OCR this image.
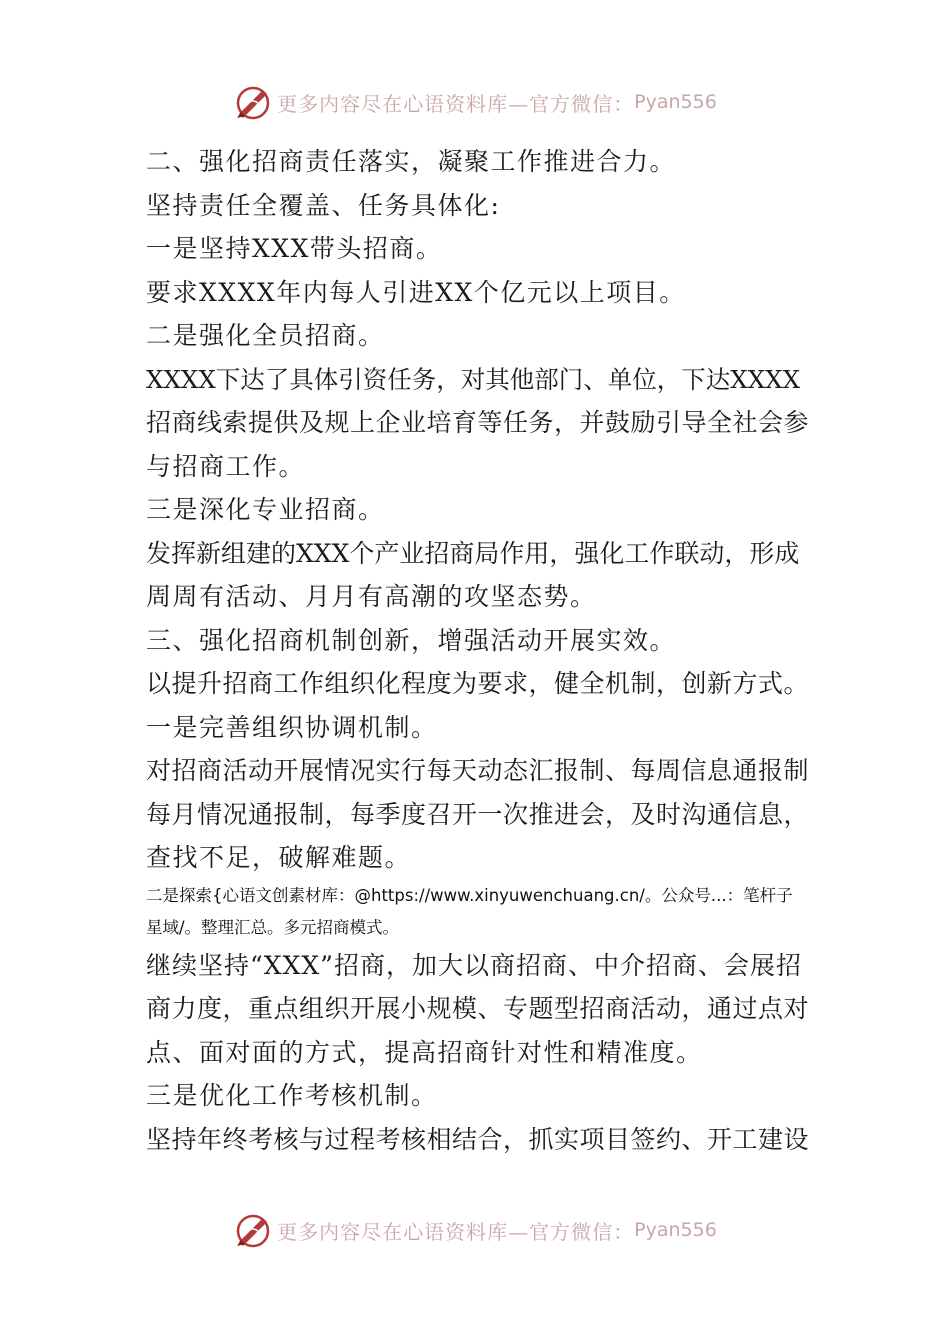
更多内容尽在心语资料库—官方微信： Pyan556
二、强化招商责任落实，凝聚工作推进合力。
坚持责任全覆盖、任务具体化:
一是坚持XXX带头招商。
要求XXXX年内每人引进XX个亿元以上项目。
二是强化全员招商。
XXXX下达了具体引资任务，对其他部门、单位，下达XXXX
招商线索提供及规上企业培育等任务，并鼓励引导全社会参
与招商工作。
三是深化专业招商。
发挥新组建的XXX个产业招商局作用，强化工作联动，形成
周周有活动、月月有高潮的攻坚态势。
三、强化招商机制创新，增强活动开展实效。
以提升招商工作组织化程度为要求，健全机制，创新方式。
一是完善组织协调机制。
对招商活动开展情况实行每天动态汇报制、每周信息通报制
每月情况通报制，每季度召开一次推进会，及时沟通信息，
查找不足，破解难题。
二是探索{心语文创素材库：@https://www.xinyuwenchuang.cn/。公众号...：笔杆子
星域/。整理汇总。多元招商模式。
继续坚持“XXX”招商，加大以商招商、中介招商、会展招
商力度，重点组织开展小规模、专题型招商活动，通过点对
点、面对面的方式，提高招商针对性和精准度。
三是优化工作考核机制。
坚持年终考核与过程考核相结合，抓实项目签约、开工建设
更多内容尽在心语资料库—官方微信： Pyan556
